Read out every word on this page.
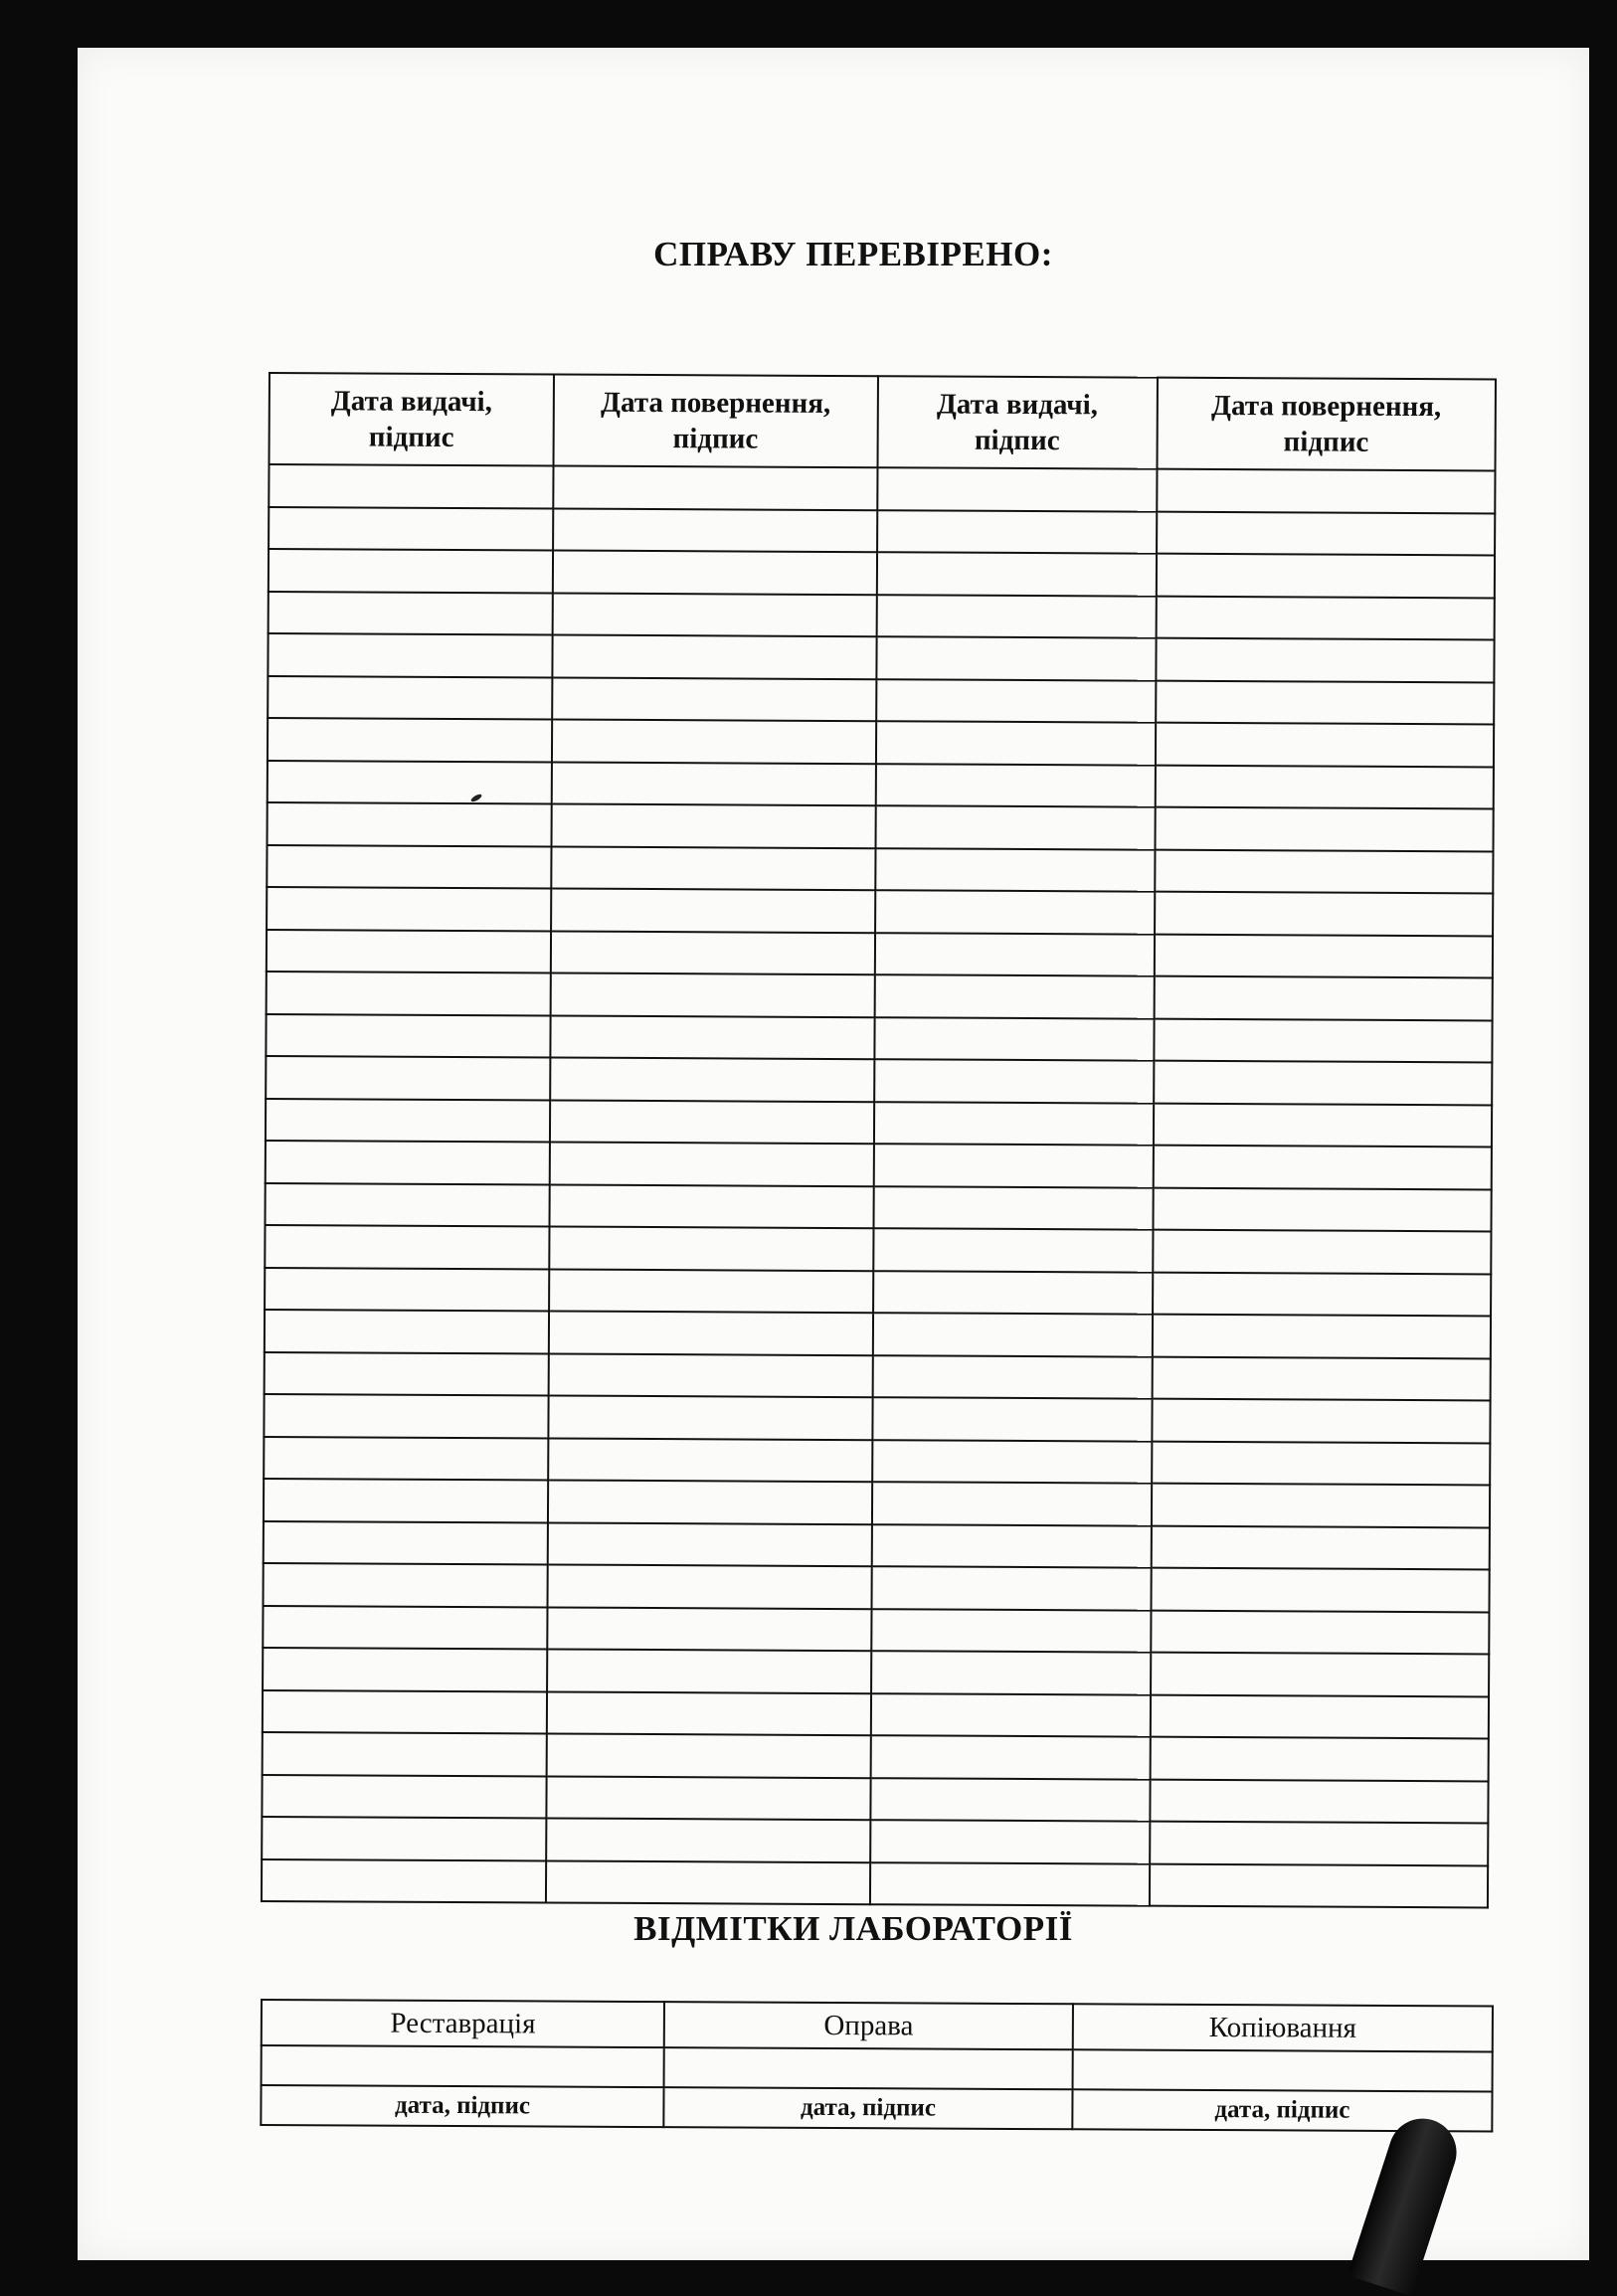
СПРАВУ ПЕРЕВІРЕНО:
Дата видачі,
підпис	Дата повернення,
підпис	Дата видачі,
підпис	Дата повернення,
підпис

ВІДМІТКИ ЛАБОРАТОРІЇ
Реставрація	Оправа	Копіювання

дата, підпис	дата, підпис	дата, підпис
